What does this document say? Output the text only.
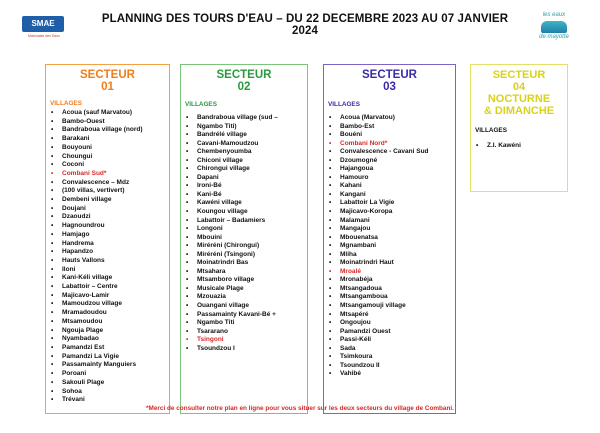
SMAE
Mahoraise des Eaux
PLANNING DES TOURS D'EAU – DU 22 DECEMBRE 2023 AU 07 JANVIER 2024
les eaux
de mayotte
SECTEUR
01
VILLAGES
• Acoua (sauf Marvatou)
• Bambo-Ouest
• Bandraboua village (nord)
• Barakani
• Bouyouni
• Choungui
• Coconi
• Combani Sud*
• Convalescence – Mdz
• (100 villas, vertivert)
• Dembeni village
• Doujani
• Dzaoudzi
• Hagnoundrou
• Hamjago
• Handrema
• Hapandzo
• Hauts Vallons
• Iloni
• Kani-Kéli village
• Labattoir – Centre
• Majicavo-Lamir
• Mamoudzou village
• Mramadoudou
• Mtsamoudou
• Ngouja Plage
• Nyambadao
• Pamandzi Est
• Pamandzi La Vigie
• Passamainty Manguiers
• Poroani
• Sakouli Plage
• Sohoa
• Trévani
SECTEUR
02
VILLAGES
• Bandraboua village (sud –
• Ngambo Titi)
• Bandrélé village
• Cavani-Mamoudzou
• Chembenyoumba
• Chiconi village
• Chirongui village
• Dapani
• Ironi-Bé
• Kani-Bé
• Kawéni village
• Koungou village
• Labattoir – Badamiers
• Longoni
• Mbouini
• Miréréni (Chirongui)
• Miréréni (Tsingoni)
• Moinatrindri Bas
• Mtsahara
• Mtsamboro village
• Musicale Plage
• Mzouazia
• Ouangani village
• Passamainty Kavani-Bé +
• Ngambo Titi
• Tsararano
• Tsingoni
• Tsoundzou I
SECTEUR
03
VILLAGES
• Acoua (Marvatou)
• Bambo-Est
• Bouéni
• Combani Nord*
• Convalescence - Cavani Sud
• Dzoumogné
• Hajangoua
• Hamouro
• Kahani
• Kangani
• Labattoir La Vigie
• Majicavo-Koropa
• Malamani
• Mangajou
• Mbouenatsa
• Mgnambani
• Mliha
• Moinatrindri Haut
• Mroalé
• Mronabéja
• Mtsangadoua
• Mtsangamboua
• Mtsangamouji village
• Mtsapéré
• Ongoujou
• Pamandzi Ouest
• Passi-Kéli
• Sada
• Tsimkoura
• Tsoundzou II
• Vahibé
SECTEUR
04
NOCTURNE
& DIMANCHE
VILLAGES
• Z.I. Kawéni
*Merci de consulter notre plan en ligne pour vous situer sur les deux secteurs du village de Combani.
